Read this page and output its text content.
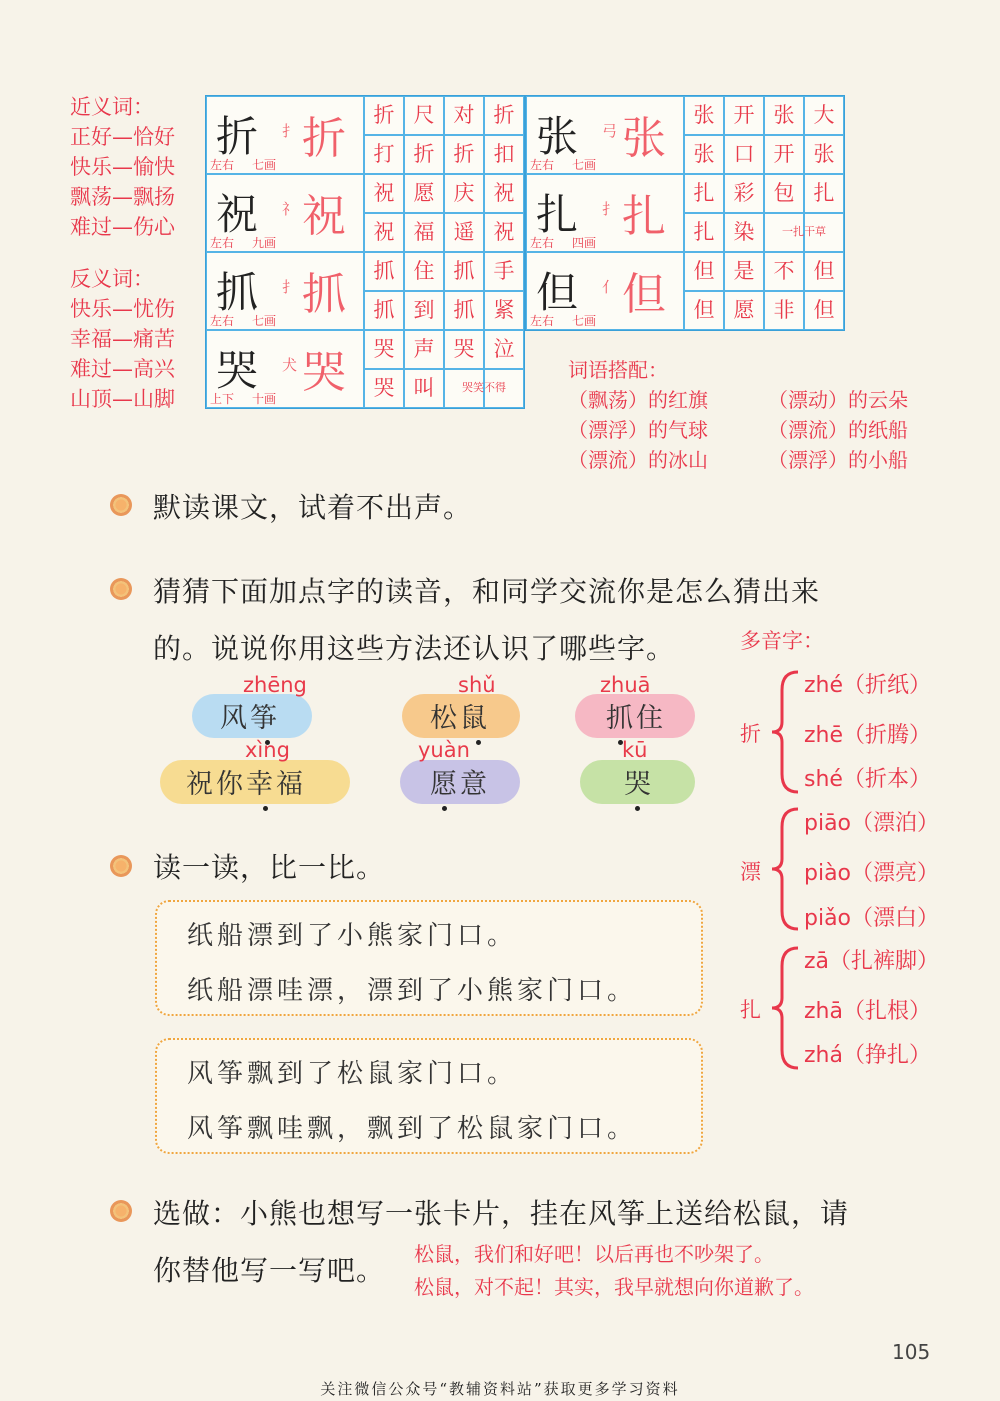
近义词：
正好—恰好
快乐—愉快
飘荡—飘扬
难过—伤心
反义词：
快乐—忧伤
幸福—痛苦
难过—高兴
山顶—山脚
折 扌 折
左右 七画
折 尺 对 折
打 折 折 扣
祝 礻 祝
左右 九画
祝 愿 庆 祝
祝 福 遥 祝
抓 扌 抓
左右 七画
抓 住 抓 手
抓 到 抓 紧
哭 犬 哭
上下 十画
哭 声 哭 泣
哭 叫	哭笑不得
张 弓 张
左右 七画
张 开 张 大
张 口 开 张
扎 扌 扎
左右 四画
扎 彩 包 扎
扎 染	一扎干草
但 亻 但
左右 七画
但 是 不 但
但 愿 非 但
词语搭配：
（飘荡）的红旗	（漂动）的云朵
（漂浮）的气球	（漂流）的纸船
（漂流）的冰山	（漂浮）的小船
默读课文，试着不出声。
猜猜下面加点字的读音，和同学交流你是怎么猜出来
的。说说你用这些方法还认识了哪些字。	多音字：
zhēng
风筝
shǔ
松鼠
zhuā
抓住
xìng
祝你幸福
yuàn
愿意
kū
哭
折
zhé（折纸）
zhē（折腾）
shé（折本）
漂
piāo（漂泊）
piào（漂亮）
piǎo（漂白）
扎
zā（扎裤脚）
zhā（扎根）
zhá（挣扎）
读一读，比一比。
纸船漂到了小熊家门口。
纸船漂哇漂，漂到了小熊家门口。
风筝飘到了松鼠家门口。
风筝飘哇飘，飘到了松鼠家门口。
选做：小熊也想写一张卡片，挂在风筝上送给松鼠，请
你替他写一写吧。 松鼠，我们和好吧！以后再也不吵架了。
松鼠，对不起！其实，我早就想向你道歉了。
105
关注微信公众号“教辅资料站”获取更多学习资料
